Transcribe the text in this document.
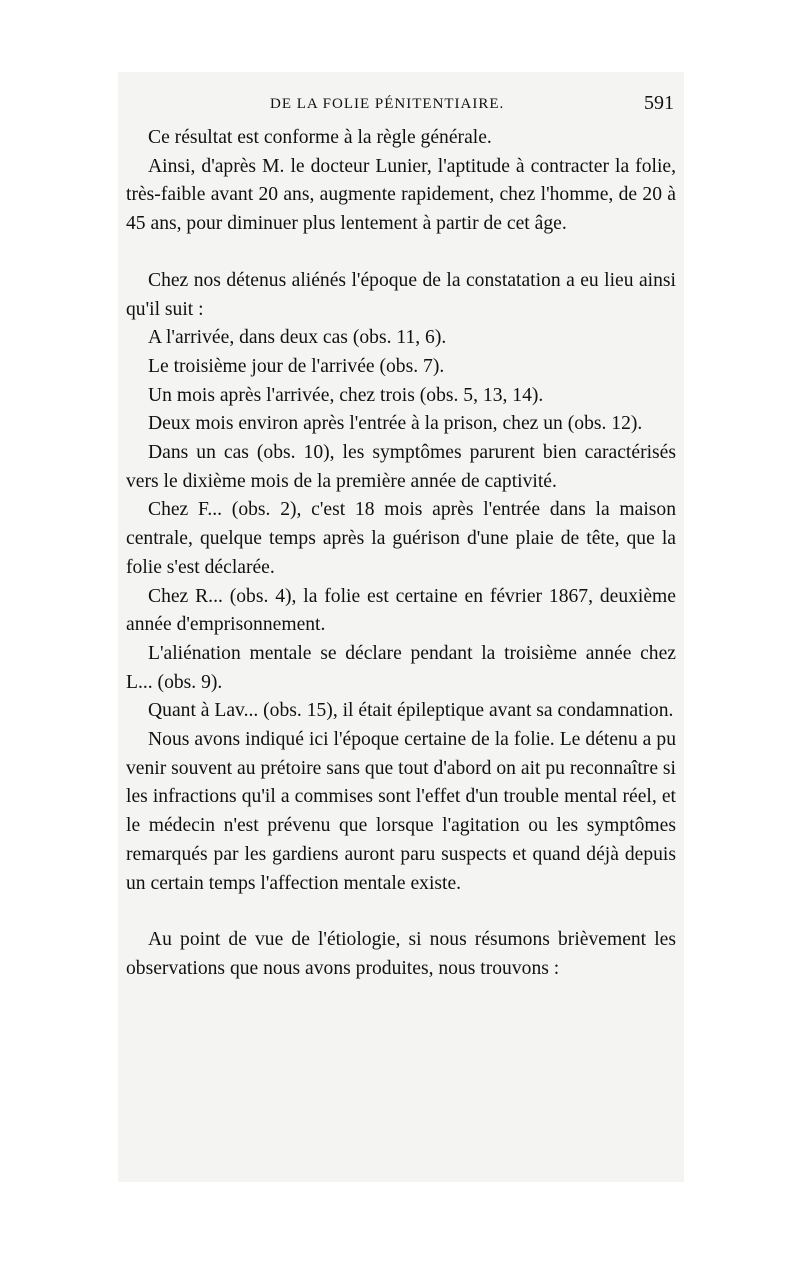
DE LA FOLIE PÉNITENTIAIRE.	591

Ce résultat est conforme à la règle générale.

Ainsi, d'après M. le docteur Lunier, l'aptitude à contracter la folie, très-faible avant 20 ans, augmente rapidement, chez l'homme, de 20 à 45 ans, pour diminuer plus lentement à partir de cet âge.

Chez nos détenus aliénés l'époque de la constatation a eu lieu ainsi qu'il suit :

A l'arrivée, dans deux cas (obs. 11, 6).

Le troisième jour de l'arrivée (obs. 7).

Un mois après l'arrivée, chez trois (obs. 5, 13, 14).

Deux mois environ après l'entrée à la prison, chez un (obs. 12).

Dans un cas (obs. 10), les symptômes parurent bien caractérisés vers le dixième mois de la première année de captivité.

Chez F... (obs. 2), c'est 18 mois après l'entrée dans la maison centrale, quelque temps après la guérison d'une plaie de tête, que la folie s'est déclarée.

Chez R... (obs. 4), la folie est certaine en février 1867, deuxième année d'emprisonnement.

L'aliénation mentale se déclare pendant la troisième année chez L... (obs. 9).

Quant à Lav... (obs. 15), il était épileptique avant sa condamnation.

Nous avons indiqué ici l'époque certaine de la folie. Le détenu a pu venir souvent au prétoire sans que tout d'abord on ait pu reconnaître si les infractions qu'il a commises sont l'effet d'un trouble mental réel, et le médecin n'est prévenu que lorsque l'agitation ou les symptômes remarqués par les gardiens auront paru suspects et quand déjà depuis un certain temps l'affection mentale existe.

Au point de vue de l'étiologie, si nous résumons brièvement les observations que nous avons produites, nous trouvons :
